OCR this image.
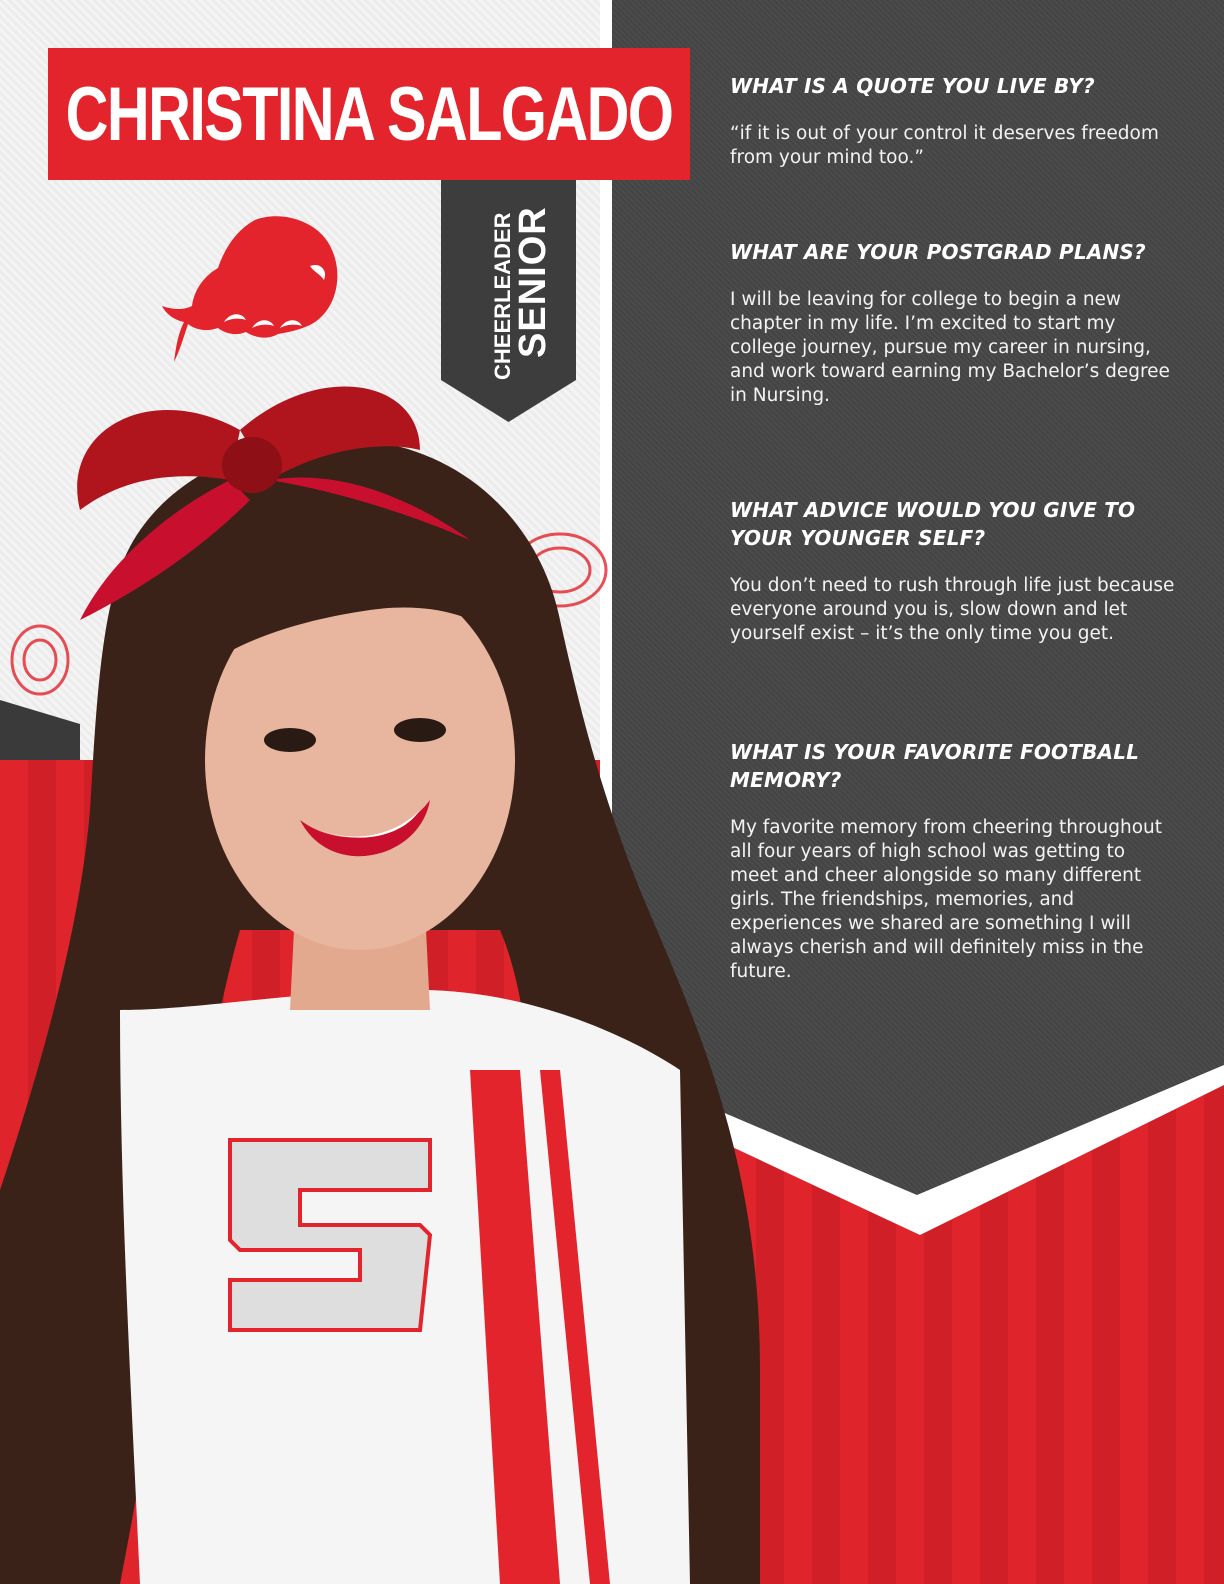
CHRISTINA SALGADO
CHEERLEADER
SENIOR
WHAT IS A QUOTE YOU LIVE BY?
“if it is out of your control it deserves freedom from your mind too.”
WHAT ARE YOUR POSTGRAD PLANS?
I will be leaving for college to begin a new chapter in my life. I’m excited to start my college journey, pursue my career in nursing, and work toward earning my Bachelor’s degree in Nursing.
WHAT ADVICE WOULD YOU GIVE TO YOUR YOUNGER SELF?
You don’t need to rush through life just because everyone around you is, slow down and let yourself exist – it’s the only time you get.
WHAT IS YOUR FAVORITE FOOTBALL MEMORY?
My favorite memory from cheering throughout all four years of high school was getting to meet and cheer alongside so many different girls. The friendships, memories, and experiences we shared are something I will always cherish and will definitely miss in the future.
